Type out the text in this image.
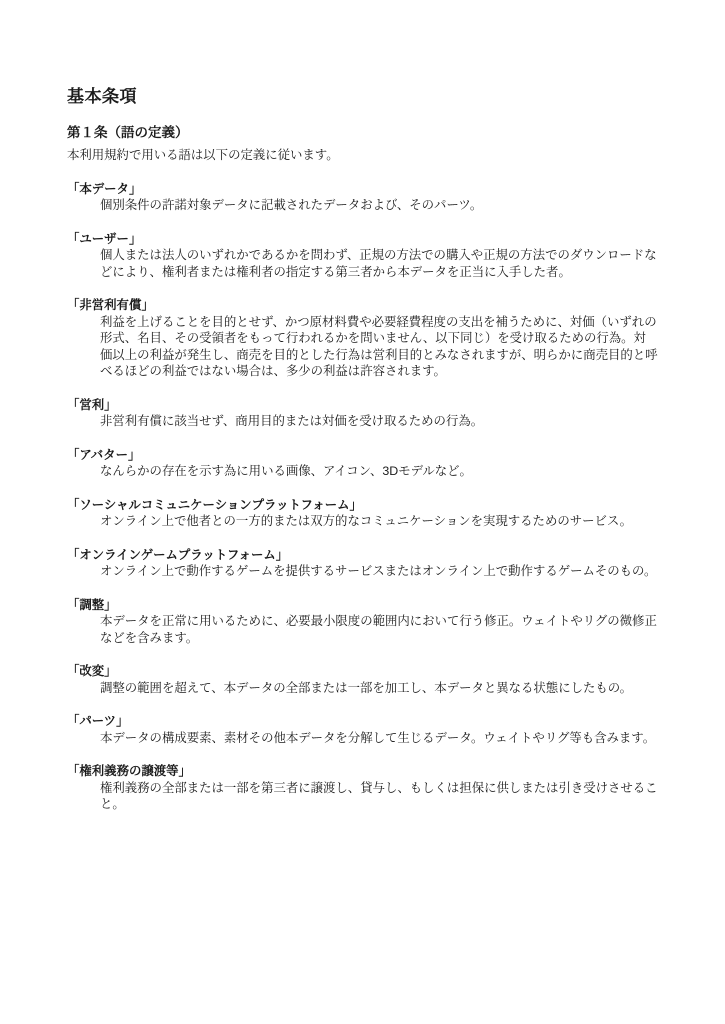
基本条項
第１条（語の定義）

本利用規約で用いる語は以下の定義に従います。

「本データ」
個別条件の許諾対象データに記載されたデータおよび、そのパーツ。
「ユーザー」
個人または法人のいずれかであるかを問わず、正規の方法での購入や正規の方法でのダウンロードなどにより、権利者または権利者の指定する第三者から本データを正当に入手した者。
「非営利有償」
利益を上げることを目的とせず、かつ原材料費や必要経費程度の支出を補うために、対価（いずれの形式、名目、その受領者をもって行われるかを問いません、以下同じ）を受け取るための行為。対価以上の利益が発生し、商売を目的とした行為は営利目的とみなされますが、明らかに商売目的と呼べるほどの利益ではない場合は、多少の利益は許容されます。
「営利」
非営利有償に該当せず、商用目的または対価を受け取るための行為。
「アバター」
なんらかの存在を示す為に用いる画像、アイコン、3Dモデルなど。
「ソーシャルコミュニケーションプラットフォーム」
オンライン上で他者との一方的または双方的なコミュニケーションを実現するためのサービス。
「オンラインゲームプラットフォーム」
オンライン上で動作するゲームを提供するサービスまたはオンライン上で動作するゲームそのもの。
「調整」
本データを正常に用いるために、必要最小限度の範囲内において行う修正。ウェイトやリグの微修正などを含みます。
「改変」
調整の範囲を超えて、本データの全部または一部を加工し、本データと異なる状態にしたもの。
「パーツ」
本データの構成要素、素材その他本データを分解して生じるデータ。ウェイトやリグ等も含みます。
「権利義務の譲渡等」
権利義務の全部または一部を第三者に譲渡し、貸与し、もしくは担保に供しまたは引き受けさせること。
